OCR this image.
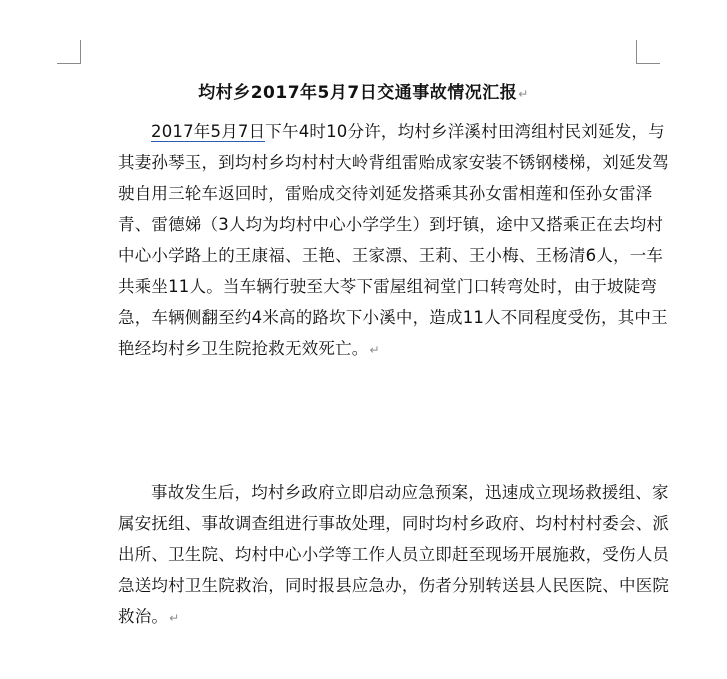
均村乡2017年5月7日交通事故情况汇报↵
2017年5月7日下午4时10分许，均村乡洋溪村田湾组村民刘延发，与其妻孙琴玉，到均村乡均村村大岭背组雷贻成家安装不锈钢楼梯，刘延发驾驶自用三轮车返回时，雷贻成交待刘延发搭乘其孙女雷相莲和侄孙女雷泽青、雷德娣（3人均为均村中心小学学生）到圩镇，途中又搭乘正在去均村中心小学路上的王康福、王艳、王家漂、王莉、王小梅、王杨清6人，一车共乘坐11人。当车辆行驶至大苓下雷屋组祠堂门口转弯处时，由于坡陡弯急，车辆侧翻至约4米高的路坎下小溪中，造成11人不同程度受伤，其中王艳经均村乡卫生院抢救无效死亡。↵
事故发生后，均村乡政府立即启动应急预案，迅速成立现场救援组、家属安抚组、事故调查组进行事故处理，同时均村乡政府、均村村村委会、派出所、卫生院、均村中心小学等工作人员立即赶至现场开展施救，受伤人员急送均村卫生院救治，同时报县应急办，伤者分别转送县人民医院、中医院救治。↵
